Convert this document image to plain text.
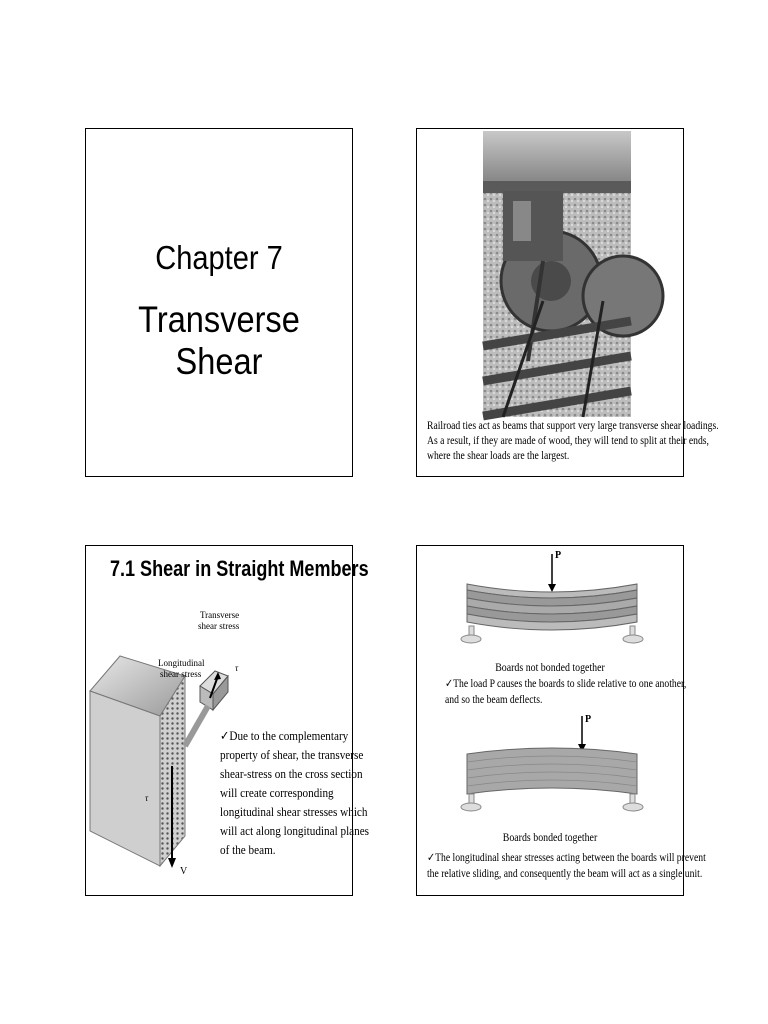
Chapter 7
Transverse Shear
Railroad ties act as beams that support very large transverse shear loadings.
As a result, if they are made of wood, they will tend to split at their ends,
where the shear loads are the largest.
7.1 Shear in Straight Members
Transverse shear stress
Longitudinal shear stress
τ
τ
V
✓Due to the complementary
property of shear, the transverse
shear-stress on the cross section
will create corresponding
longitudinal shear stresses which
will act along longitudinal planes
of the beam.
P
Boards not bonded together
✓The load P causes the boards to slide relative to one another,
and so the beam deflects.
P
Boards bonded together
✓The longitudinal shear stresses acting between the boards will prevent
the relative sliding, and consequently the beam will act as a single unit.
